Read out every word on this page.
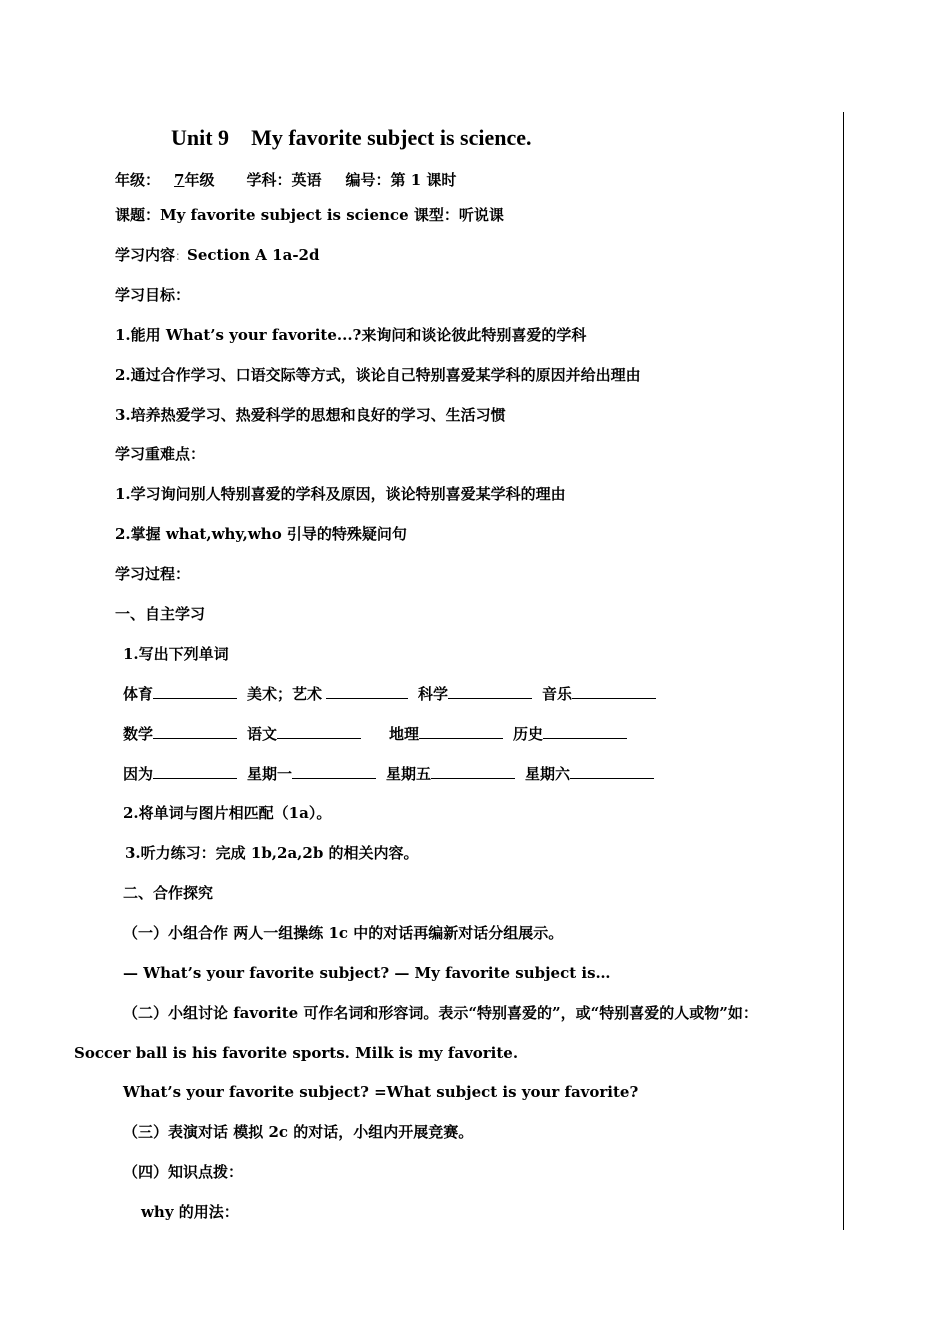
Unit 9 My favorite subject is science.
年级： 7年级 学科：英语 编号：第 1 课时
课题：My favorite subject is science 课型：听说课
学习内容：Section A 1a-2d
学习目标：
1.能用 What’s your favorite...?来询问和谈论彼此特别喜爱的学科
2.通过合作学习、口语交际等方式，谈论自己特别喜爱某学科的原因并给出理由
3.培养热爱学习、热爱科学的思想和良好的学习、生活习惯
学习重难点：
1.学习询问别人特别喜爱的学科及原因，谈论特别喜爱某学科的理由
2.掌握 what,why,who 引导的特殊疑问句
学习过程：
一、自主学习
1.写出下列单词
体育	美术；艺术	科学	音乐
数学	语文	地理	历史
因为	星期一	星期五	星期六
2.将单词与图片相匹配（1a）。
3.听力练习：完成 1b,2a,2b 的相关内容。
二、合作探究
（一）小组合作 两人一组操练 1c 中的对话再编新对话分组展示。
— What’s your favorite subject? — My favorite subject is…
（二）小组讨论 favorite 可作名词和形容词。表示“特别喜爱的”，或“特别喜爱的人或物”如：
Soccer ball is his favorite sports. Milk is my favorite.
What’s your favorite subject? =What subject is your favorite?
（三）表演对话 模拟 2c 的对话，小组内开展竞赛。
（四）知识点拨：
why 的用法：
